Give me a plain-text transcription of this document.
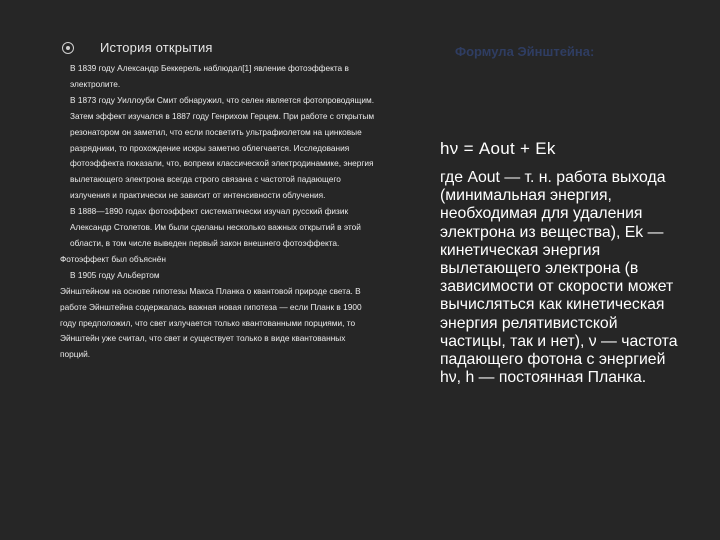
История открытия

В 1839 году Александр Беккерель наблюдал[1] явление фотоэффекта в электролите.

В 1873 году Уиллоуби Смит обнаружил, что селен является фотопроводящим. Затем эффект изучался в 1887 году Генрихом Герцем. При работе с открытым резонатором он заметил, что если посветить ультрафиолетом на цинковые разрядники, то прохождение искры заметно облегчается. Исследования фотоэффекта показали, что, вопреки классической электродинамике, энергия вылетающего электрона всегда строго связана с частотой падающего излучения и практически не зависит от интенсивности облучения.

В 1888—1890 годах фотоэффект систематически изучал русский физик Александр Столетов. Им были сделаны несколько важных открытий в этой области, в том числе выведен первый закон внешнего фотоэффекта.

Фотоэффект был объяснён

В 1905 году Альбертом

Эйнштейном на основе гипотезы Макса Планка о квантовой природе света. В работе Эйнштейна содержалась важная новая гипотеза — если Планк в 1900 году предположил, что свет излучается только квантованными порциями, то Эйнштейн уже считал, что свет и существует только в виде квантованных порций.

Формула Эйнштейна:
hν = Aout + Ek
где Aout — т. н. работа выхода (минимальная энергия, необходимая для удаления электрона из вещества), Ek — кинетическая энергия вылетающего электрона (в зависимости от скорости может вычисляться как кинетическая энергия релятивистской частицы, так и нет), ν — частота падающего фотона с энергией hν, h — постоянная Планка.
